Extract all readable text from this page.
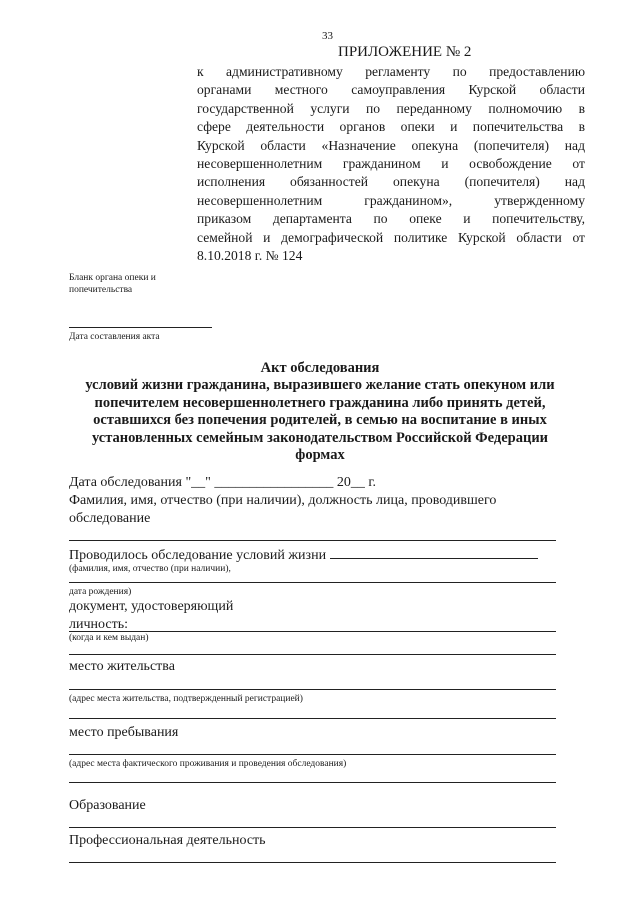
33
ПРИЛОЖЕНИЕ № 2
к административному регламенту по предоставлению
органами местного самоуправления Курской области
государственной услуги по переданному полномочию в
сфере деятельности органов опеки и попечительства в
Курской области «Назначение опекуна (попечителя) над
несовершеннолетним гражданином и освобождение от
исполнения обязанностей опекуна (попечителя) над
несовершеннолетним гражданином», утвержденному
приказом департамента по опеке и попечительству,
семейной и демографической политике Курской области от
8.10.2018 г. № 124
Бланк органа опеки и
попечительства
Дата составления акта
Акт обследования
условий жизни гражданина, выразившего желание стать опекуном или
попечителем несовершеннолетнего гражданина либо принять детей,
оставшихся без попечения родителей, в семью на воспитание в иных
установленных семейным законодательством Российской Федерации
формах
Дата обследования "__" _________________ 20__ г.
Фамилия, имя, отчество (при наличии), должность лица, проводившего
обследование
Проводилось обследование условий жизни
(фамилия, имя, отчество (при наличии),
дата рождения)
документ, удостоверяющий
личность:
(когда и кем выдан)
место жительства
(адрес места жительства, подтвержденный регистрацией)
место пребывания
(адрес места фактического проживания и проведения обследования)
Образование
Профессиональная деятельность
